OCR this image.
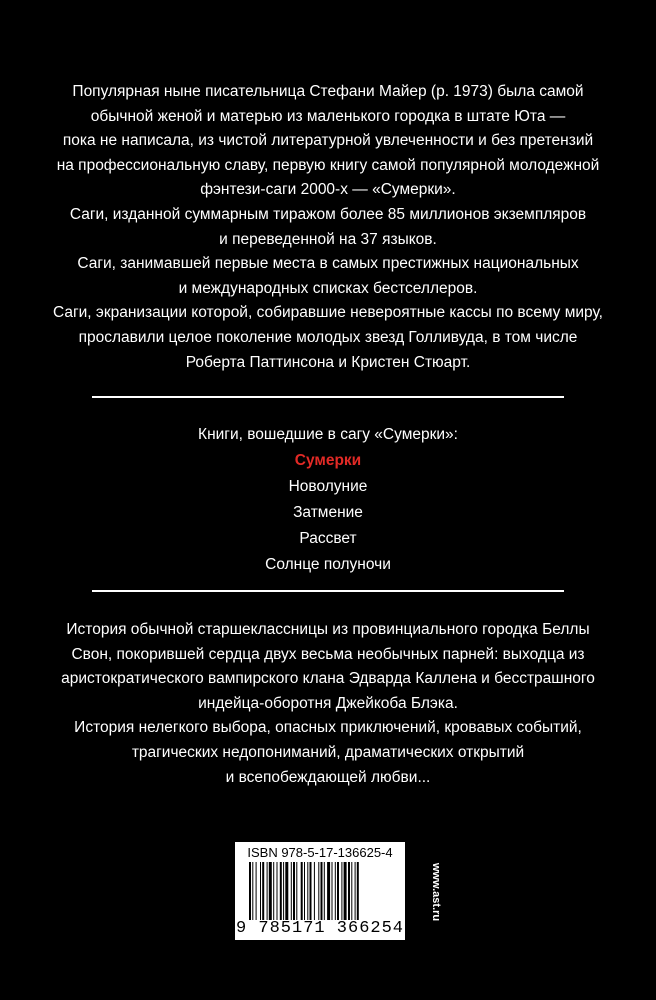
Популярная ныне писательница Стефани Майер (р. 1973) была самой
обычной женой и матерью из маленького городка в штате Юта —
пока не написала, из чистой литературной увлеченности и без претензий
на профессиональную славу, первую книгу самой популярной молодежной
фэнтези-саги 2000-х — «Сумерки».
Саги, изданной суммарным тиражом более 85 миллионов экземпляров
и переведенной на 37 языков.
Саги, занимавшей первые места в самых престижных национальных
и международных списках бестселлеров.
Саги, экранизации которой, собиравшие невероятные кассы по всему миру,
прославили целое поколение молодых звезд Голливуда, в том числе
Роберта Паттинсона и Кристен Стюарт.
Книги, вошедшие в сагу «Сумерки»:
Сумерки
Новолуние
Затмение
Рассвет
Солнце полуночи
История обычной старшеклассницы из провинциального городка Беллы
Свон, покорившей сердца двух весьма необычных парней: выходца из
аристократического вампирского клана Эдварда Каллена и бесстрашного
индейца-оборотня Джейкоба Блэка.
История нелегкого выбора, опасных приключений, кровавых событий,
трагических недопониманий, драматических открытий
и всепобеждающей любви...
ISBN 978-5-17-136625-4
9 785171 366254
www.ast.ru
